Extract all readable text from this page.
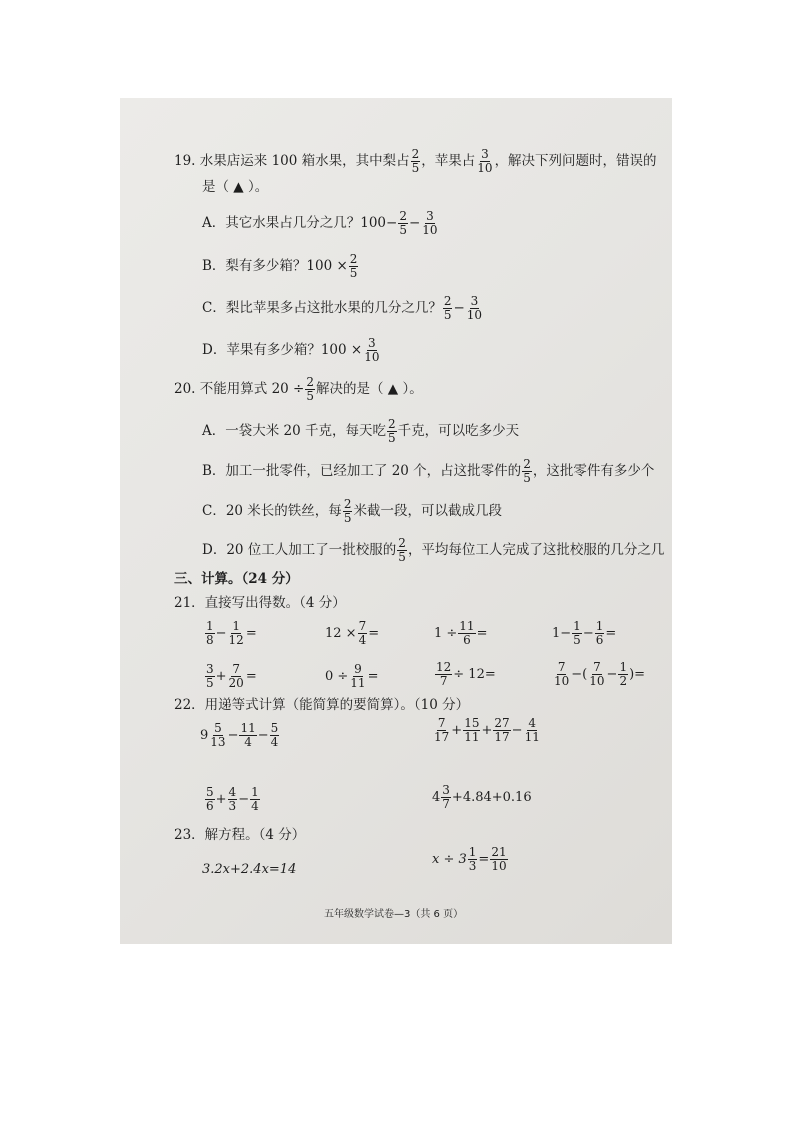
19. 水果店运来 100 箱水果，其中梨占 $\frac{2}{5}$ ，苹果占 $\frac{3}{10}$ ，解决下列问题时，错误的
是（ ▲ ）。
A．其它水果占几分之几？$100- \frac{2}{5} - \frac{3}{10}$
B．梨有多少箱？$100 \times \frac{2}{5}$
C．梨比苹果多占这批水果的几分之几？ $\frac{2}{5} - \frac{3}{10}$
D．苹果有多少箱？$100 \times \frac{3}{10}$
20. 不能用算式 $20 \div \frac{2}{5}$ 解决的是（ ▲ ）。
A．一袋大米 20 千克，每天吃 $\frac{2}{5}$ 千克，可以吃多少天
B．加工一批零件，已经加工了 20 个，占这批零件的 $\frac{2}{5}$ ，这批零件有多少个
C．20 米长的铁丝，每 $\frac{2}{5}$ 米截一段，可以截成几段
D．20 位工人加工了一批校服的 $\frac{2}{5}$ ，平均每位工人完成了这批校服的几分之几
三、计算。（24 分）
21．直接写出得数。（4 分）
$\frac{1}{8} - \frac{1}{12}$ =	$12 \times \frac{7}{4}$ =	$1 \div \frac{11}{6}$ =	$1- \frac{1}{5} - \frac{1}{6}$ =
$\frac{3}{5} + \frac{7}{20}$ =	$0 \div \frac{9}{11}$ =	$\frac{12}{7} \div 12=$	$\frac{7}{10}$ −( $\frac{7}{10} - \frac{1}{2}$ )=
22．用递等式计算（能简算的要简算）。（10 分）
$9 \frac{5}{13} - \frac{11}{4} - \frac{5}{4}$	$\frac{7}{17} + \frac{15}{11} + \frac{27}{17} - \frac{4}{11}$
$\frac{5}{6} + \frac{4}{3} - \frac{1}{4}$	$4 \frac{3}{7} +4.84+0.16$
23．解方程。（4 分）
3.2x+2.4x=14
$x \div 3 \frac{1}{3} = \frac{21}{10}$
五年级数学试卷—3（共 6 页）
